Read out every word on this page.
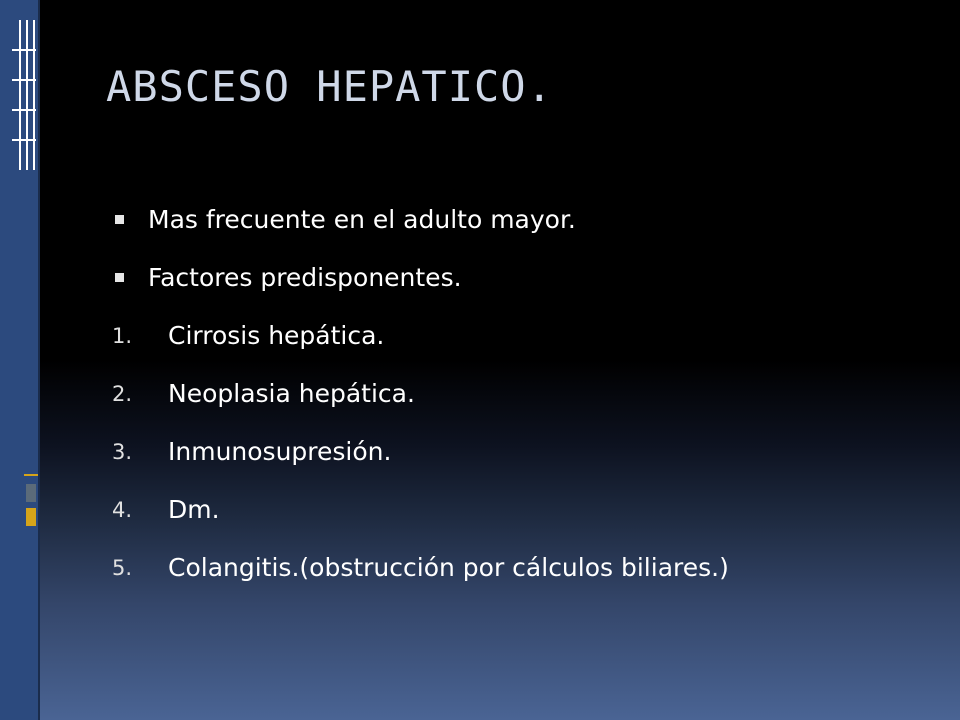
ABSCESO HEPATICO.
Mas frecuente en el adulto mayor.
Factores predisponentes.
1. Cirrosis hepática.
2. Neoplasia hepática.
3. Inmunosupresión.
4. Dm.
5. Colangitis.(obstrucción por cálculos biliares.)
